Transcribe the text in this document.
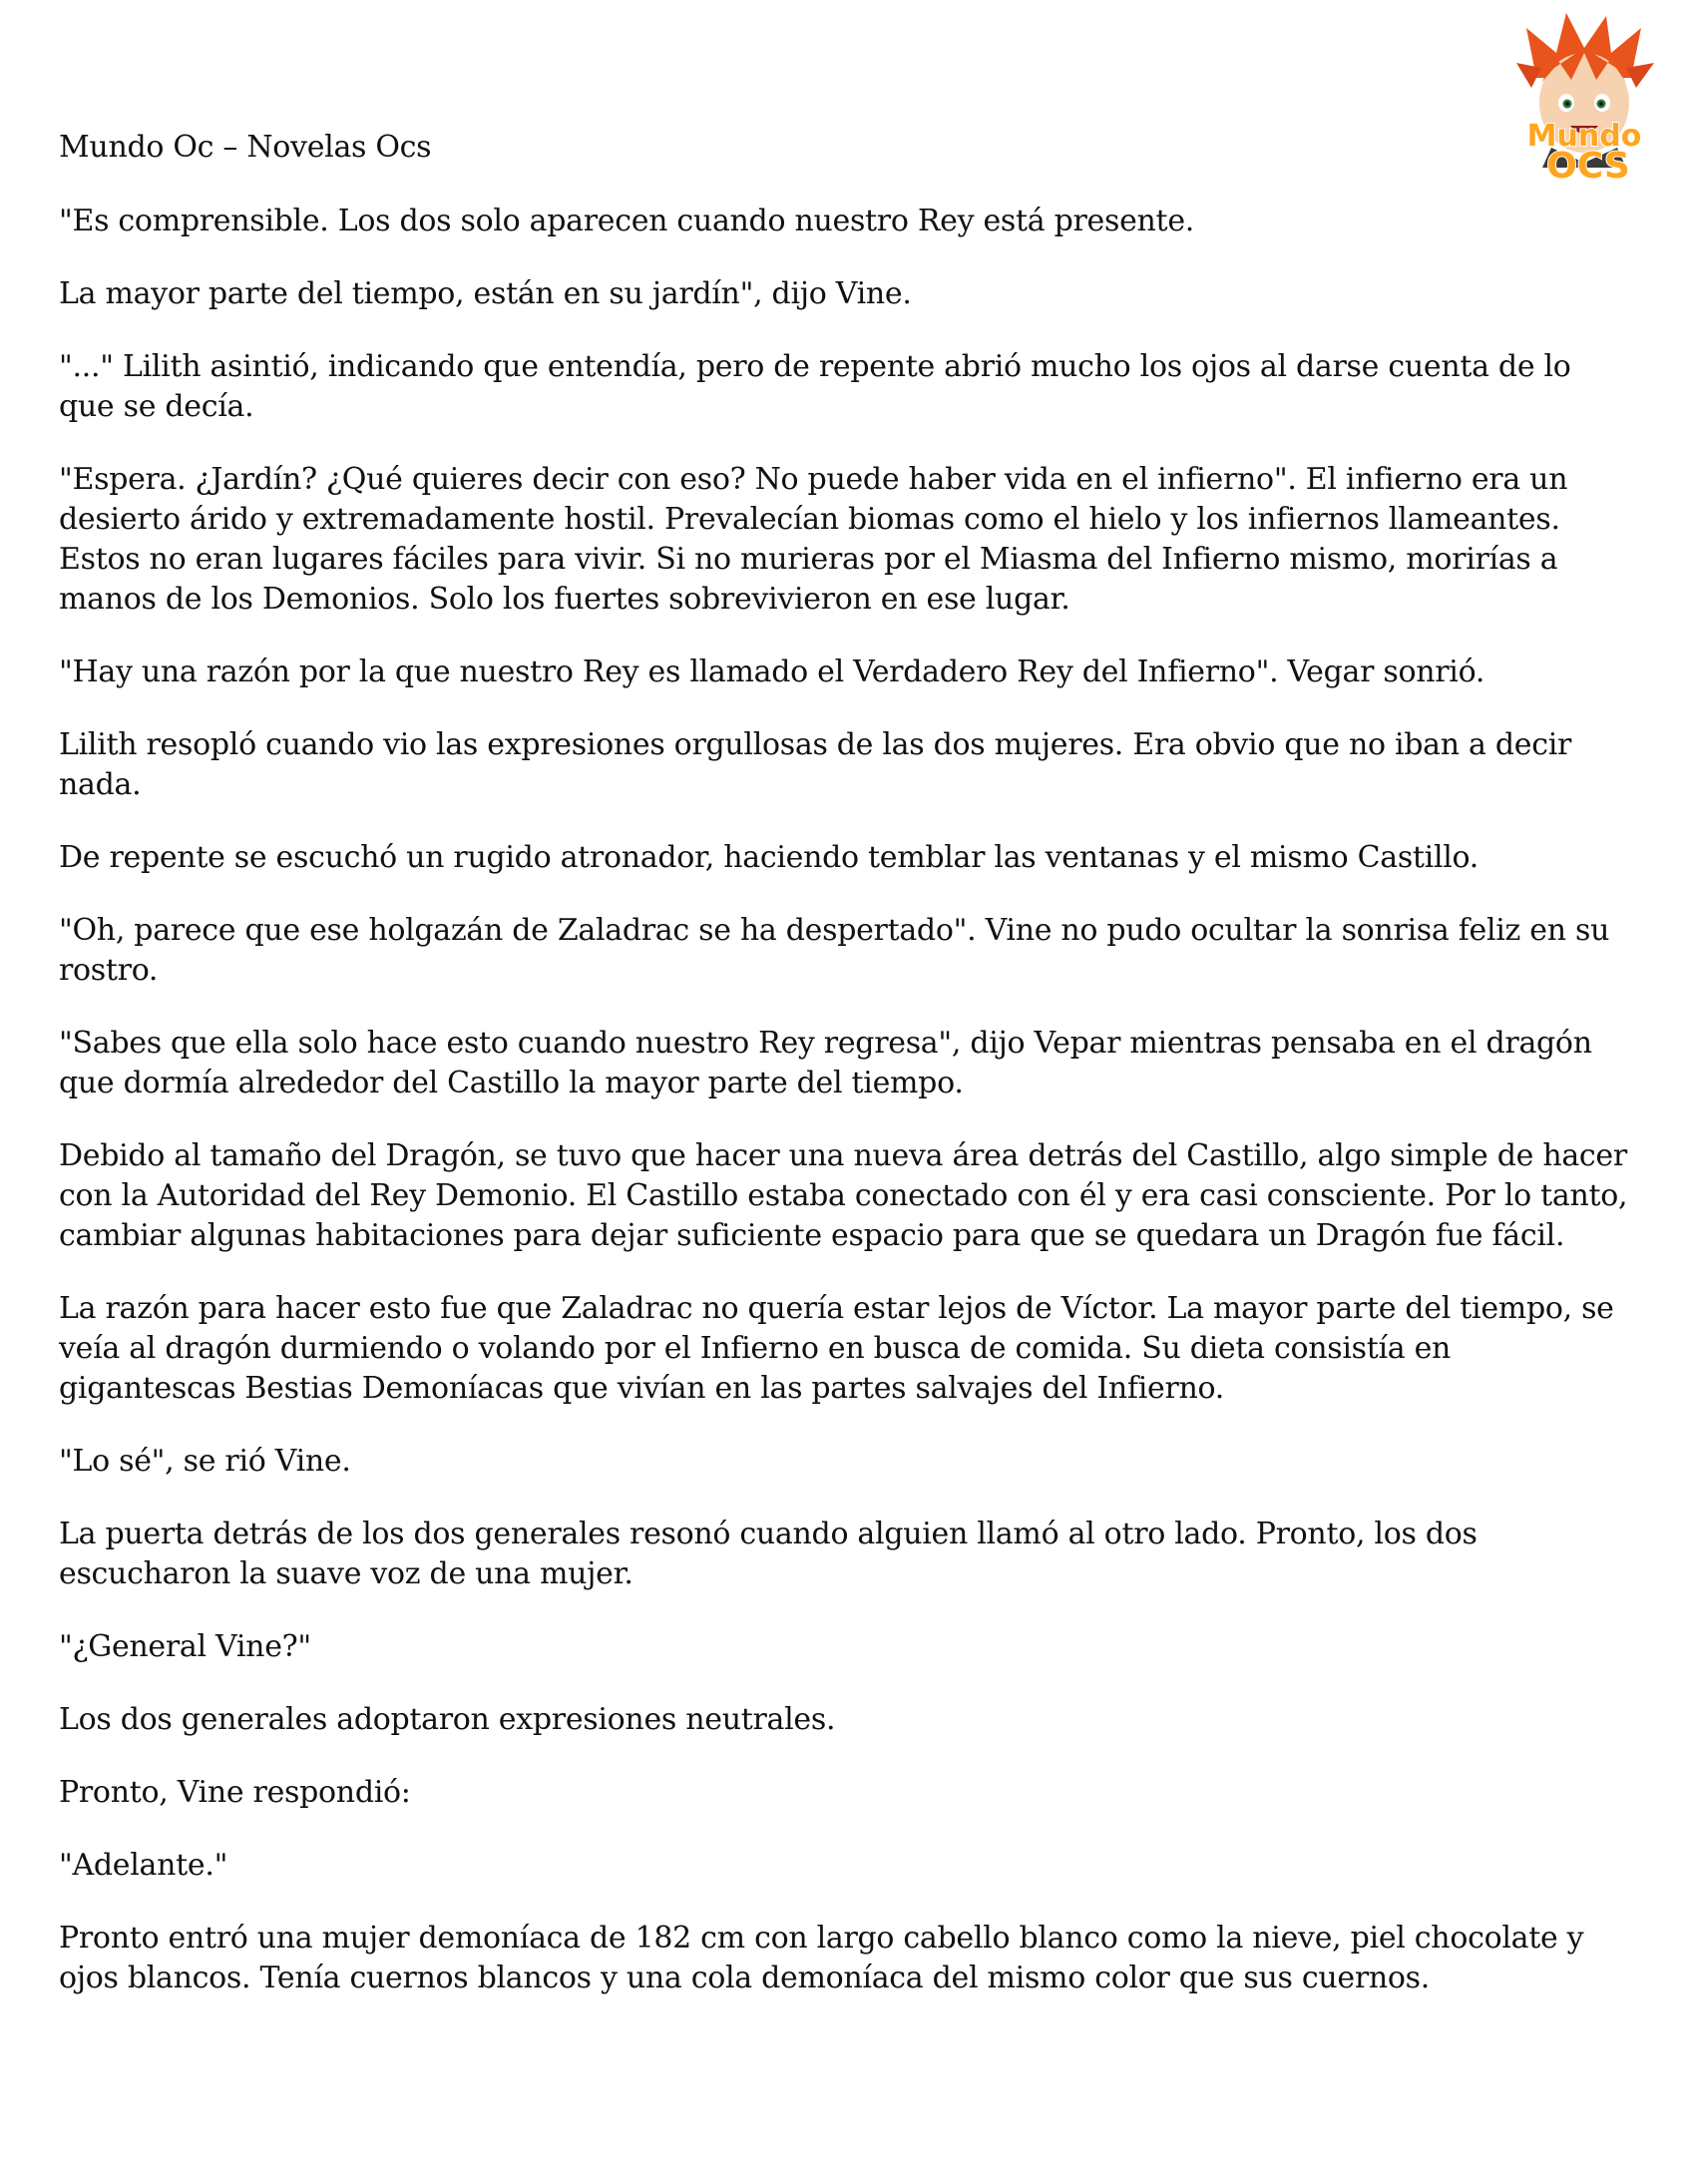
Mundo
OCS

Mundo Oc – Novelas Ocs

"Es comprensible. Los dos solo aparecen cuando nuestro Rey está presente.

La mayor parte del tiempo, están en su jardín", dijo Vine.

"..." Lilith asintió, indicando que entendía, pero de repente abrió mucho los ojos al darse cuenta de lo que se decía.

"Espera. ¿Jardín? ¿Qué quieres decir con eso? No puede haber vida en el infierno". El infierno era un desierto árido y extremadamente hostil. Prevalecían biomas como el hielo y los infiernos llameantes. Estos no eran lugares fáciles para vivir. Si no murieras por el Miasma del Infierno mismo, morirías a manos de los Demonios. Solo los fuertes sobrevivieron en ese lugar.

"Hay una razón por la que nuestro Rey es llamado el Verdadero Rey del Infierno". Vegar sonrió.

Lilith resopló cuando vio las expresiones orgullosas de las dos mujeres. Era obvio que no iban a decir nada.

De repente se escuchó un rugido atronador, haciendo temblar las ventanas y el mismo Castillo.

"Oh, parece que ese holgazán de Zaladrac se ha despertado". Vine no pudo ocultar la sonrisa feliz en su rostro.

"Sabes que ella solo hace esto cuando nuestro Rey regresa", dijo Vepar mientras pensaba en el dragón que dormía alrededor del Castillo la mayor parte del tiempo.

Debido al tamaño del Dragón, se tuvo que hacer una nueva área detrás del Castillo, algo simple de hacer con la Autoridad del Rey Demonio. El Castillo estaba conectado con él y era casi consciente. Por lo tanto, cambiar algunas habitaciones para dejar suficiente espacio para que se quedara un Dragón fue fácil.

La razón para hacer esto fue que Zaladrac no quería estar lejos de Víctor. La mayor parte del tiempo, se veía al dragón durmiendo o volando por el Infierno en busca de comida. Su dieta consistía en gigantescas Bestias Demoníacas que vivían en las partes salvajes del Infierno.

"Lo sé", se rió Vine.

La puerta detrás de los dos generales resonó cuando alguien llamó al otro lado. Pronto, los dos escucharon la suave voz de una mujer.

"¿General Vine?"

Los dos generales adoptaron expresiones neutrales.

Pronto, Vine respondió:

"Adelante."

Pronto entró una mujer demoníaca de 182 cm con largo cabello blanco como la nieve, piel chocolate y ojos blancos. Tenía cuernos blancos y una cola demoníaca del mismo color que sus cuernos.
